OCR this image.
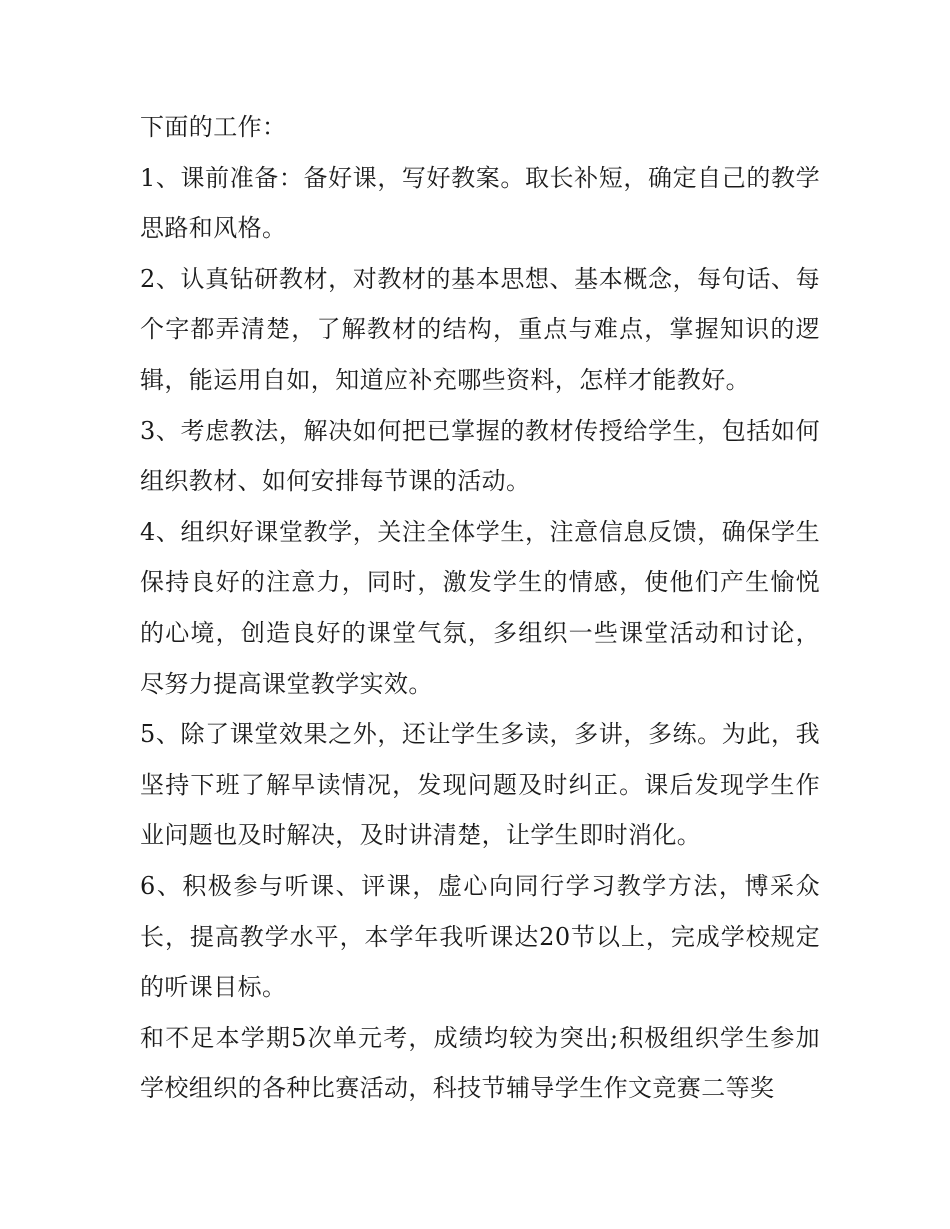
下面的工作：

1、课前准备：备好课，写好教案。取长补短，确定自己的教学思路和风格。

2、认真钻研教材，对教材的基本思想、基本概念，每句话、每个字都弄清楚，了解教材的结构，重点与难点，掌握知识的逻辑，能运用自如，知道应补充哪些资料，怎样才能教好。

3、考虑教法，解决如何把已掌握的教材传授给学生，包括如何组织教材、如何安排每节课的活动。

4、组织好课堂教学，关注全体学生，注意信息反馈，确保学生保持良好的注意力，同时，激发学生的情感，使他们产生愉悦的心境，创造良好的课堂气氛，多组织一些课堂活动和讨论，尽努力提高课堂教学实效。

5、除了课堂效果之外，还让学生多读，多讲，多练。为此，我坚持下班了解早读情况，发现问题及时纠正。课后发现学生作业问题也及时解决，及时讲清楚，让学生即时消化。

6、积极参与听课、评课，虚心向同行学习教学方法，博采众长，提高教学水平，本学年我听课达20节以上，完成学校规定的听课目标。

和不足本学期5次单元考，成绩均较为突出;积极组织学生参加学校组织的各种比赛活动，科技节辅导学生作文竞赛二等奖
